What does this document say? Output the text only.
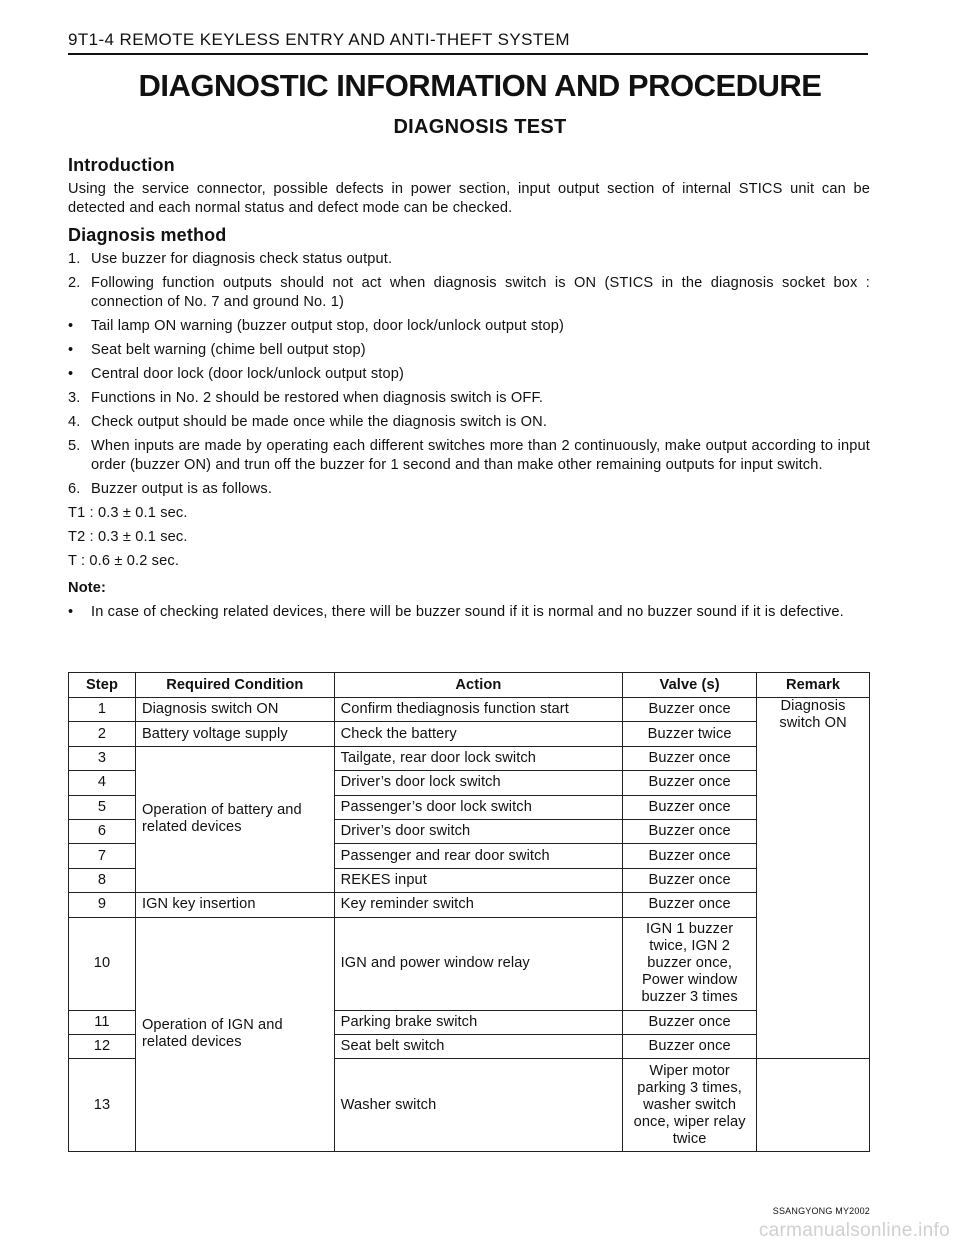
9T1-4 REMOTE KEYLESS ENTRY AND ANTI-THEFT SYSTEM
DIAGNOSTIC INFORMATION AND PROCEDURE
DIAGNOSIS TEST
Introduction

Using the service connector, possible defects in power section, input output section of internal STICS unit can be detected and each normal status and defect mode can be checked.

Diagnosis method
1. Use buzzer for diagnosis check status output.
2. Following function outputs should not act when diagnosis switch is ON (STICS in the diagnosis socket box : connection of No. 7 and ground No. 1)
• Tail lamp ON warning (buzzer output stop, door lock/unlock output stop)
• Seat belt warning (chime bell output stop)
• Central door lock (door lock/unlock output stop)
3. Functions in No. 2 should be restored when diagnosis switch is OFF.
4. Check output should be made once while the diagnosis switch is ON.
5. When inputs are made by operating each different switches more than 2 continuously, make output according to input order (buzzer ON) and trun off the buzzer for 1 second and than make other remaining outputs for input switch.
6. Buzzer output is as follows.
T1 : 0.3 ± 0.1 sec.
T2 : 0.3 ± 0.1 sec.
T : 0.6 ± 0.2 sec.
Note:
• In case of checking related devices, there will be buzzer sound if it is normal and no buzzer sound if it is defective.
Step	Required Condition	Action	Valve (s)	Remark
1	Diagnosis switch ON	Confirm thediagnosis function start	Buzzer once	Diagnosis
switch ON
2	Battery voltage supply	Check the battery	Buzzer twice	
3	Operation of battery and
related devices	Tailgate, rear door lock switch	Buzzer once	
4		Driver’s door lock switch	Buzzer once	
5		Passenger’s door lock switch	Buzzer once	
6		Driver’s door switch	Buzzer once	
7		Passenger and rear door switch	Buzzer once	
8		REKES input	Buzzer once	
9	IGN key insertion	Key reminder switch	Buzzer once	
10	Operation of IGN and
related devices	IGN and power window relay	IGN 1 buzzer
twice, IGN 2
buzzer once,
Power window
buzzer 3 times	
11		Parking brake switch	Buzzer once	
12		Seat belt switch	Buzzer once	
13		Washer switch	Wiper motor
parking 3 times,
washer switch
once, wiper relay
twice	
SSANGYONG MY2002
carmanualsonline.info
